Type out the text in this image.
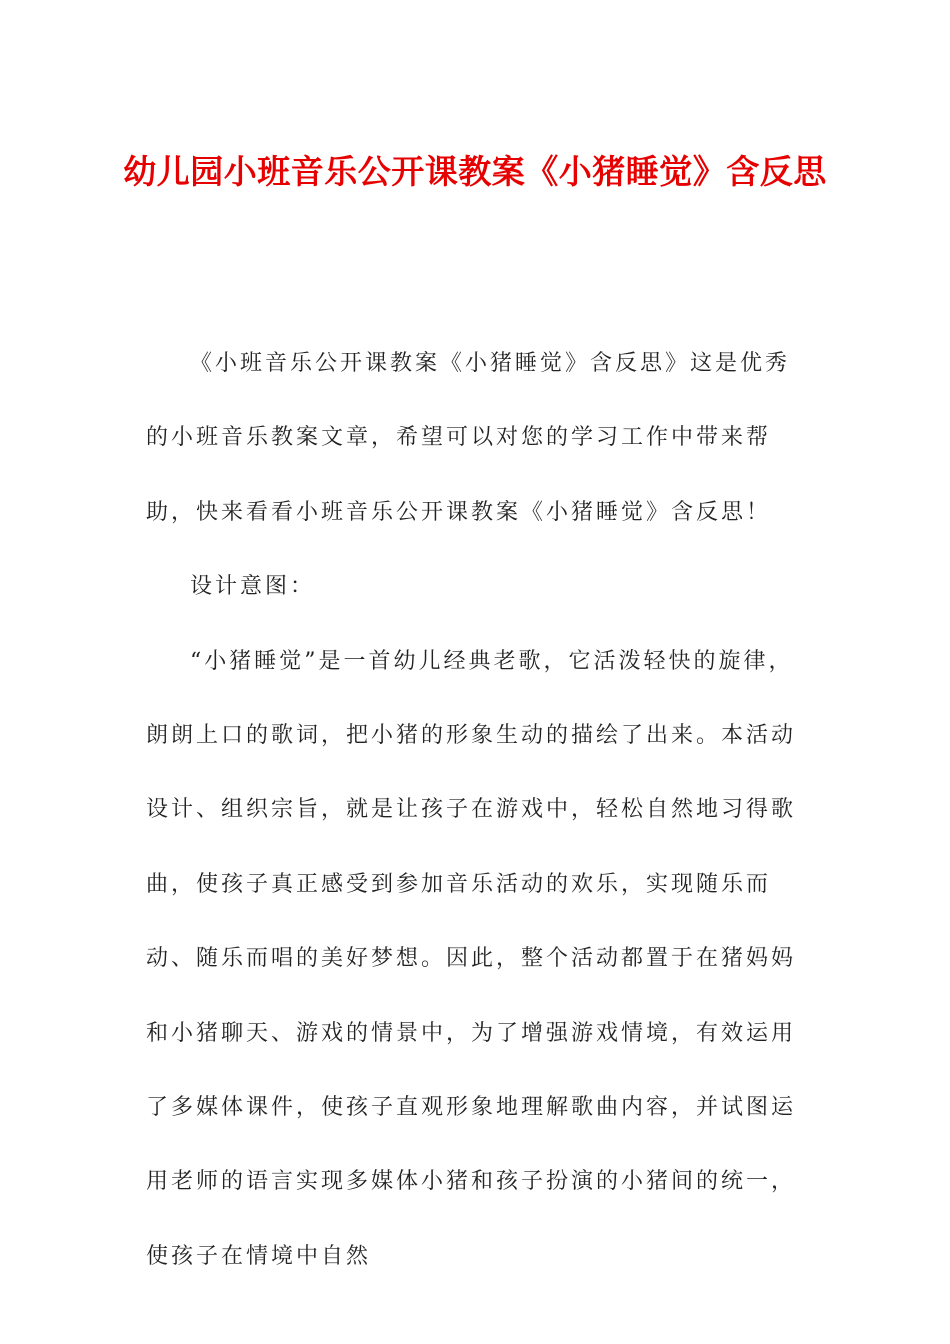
幼儿园小班音乐公开课教案《小猪睡觉》含反思

《小班音乐公开课教案《小猪睡觉》含反思》这是优秀的小班音乐教案文章，希望可以对您的学习工作中带来帮助，快来看看小班音乐公开课教案《小猪睡觉》含反思！

设计意图：

“小猪睡觉”是一首幼儿经典老歌，它活泼轻快的旋律，朗朗上口的歌词，把小猪的形象生动的描绘了出来。本活动设计、组织宗旨，就是让孩子在游戏中，轻松自然地习得歌曲，使孩子真正感受到参加音乐活动的欢乐，实现随乐而动、随乐而唱的美好梦想。因此，整个活动都置于在猪妈妈和小猪聊天、游戏的情景中，为了增强游戏情境，有效运用了多媒体课件，使孩子直观形象地理解歌曲内容，并试图运用老师的语言实现多媒体小猪和孩子扮演的小猪间的统一，使孩子在情境中自然
